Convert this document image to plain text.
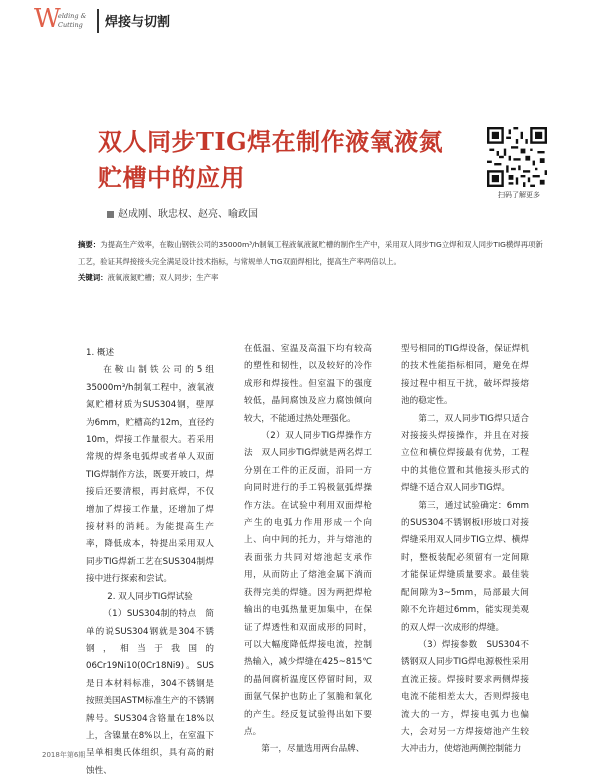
W
elding &
Cutting 焊接与切割
双人同步TIG焊在制作液氧液氮
贮槽中的应用
扫码了解更多
赵成刚、耿忠权、赵亮、喻政国
摘要：为提高生产效率，在鞍山钢铁公司的35000m³/h制氧工程液氧液氮贮槽的制作生产中，采用双人同步TIG立焊和双人同步TIG横焊再项新工艺，验证其焊接接头完全满足设计技术指标，与常规单人TIG双面焊相比，提高生产率两倍以上。
关键词：液氧液氮贮槽；双人同步；生产率
1. 概述

在鞍山制铁公司的5组35000m³/h制氧工程中，液氧液氮贮槽材质为SUS304钢，壁厚为6mm，贮槽高约12m，直径约10m，焊接工作量很大。若采用常规的焊条电弧焊或者单人双面TIG焊制作方法，既要开坡口，焊接后还要清根，再封底焊，不仅增加了焊接工作量，还增加了焊接材料的消耗。为能提高生产率，降低成本，特提出采用双人同步TIG焊新工艺在SUS304制焊接中进行探索和尝试。

2. 双人同步TIG焊试验

（1）SUS304制的特点　简单的说SUS304钢就是304不锈钢，相当于我国的06Cr19Ni10(0Cr18Ni9)。SUS是日本材料标准，304不锈钢是按照美国ASTM标准生产的不锈钢牌号。SUS304含铬量在18%以上，含镍量在8%以上，在室温下呈单相奥氏体组织，具有高的耐蚀性、

在低温、室温及高温下均有较高的塑性和韧性，以及较好的冷作成形和焊接性。但室温下的强度较低，晶间腐蚀及应力腐蚀倾向较大，不能通过热处理强化。

（2）双人同步TIG焊操作方法　双人同步TIG焊就是两名焊工分别在工件的正反面，沿同一方向同时进行的手工钨极氩弧焊操作方法。在试验中利用双面焊枪产生的电弧力作用形成一个向上、向中间的托力，并与熔池的表面张力共同对熔池起支承作用，从而防止了熔池金属下淌而获得完美的焊缝。因为两把焊枪输出的电弧热量更加集中，在保证了焊透性和双面成形的同时，可以大幅度降低焊接电流，控制热输入，减少焊缝在425~815℃的晶间腐析温度区停留时间，双面氩气保护也防止了氢脆和氧化的产生。经反复试验得出如下要点。

第一，尽量选用两台品牌、

型号相同的TIG焊设备，保证焊机的技术性能指标相同，避免在焊接过程中相互干扰，破坏焊接熔池的稳定性。

第二，双人同步TIG焊只适合对接接头焊接操作，并且在对接立位和横位焊接最有优势，工程中的其他位置和其他接头形式的焊缝不适合双人同步TIG焊。

第三，通过试验确定：6mm的SUS304不锈钢板I形坡口对接焊缝采用双人同步TIG立焊、横焊时，整板装配必须留有一定间隙才能保证焊缝质量要求。最佳装配间隙为3~5mm，局部最大间隙不允许超过6mm，能实现美观的双人焊一次成形的焊缝。

（3）焊接参数　SUS304不锈钢双人同步TIG焊电源极性采用直流正接。焊接时要求两侧焊接电流不能相差太大，否则焊接电流大的一方，焊接电弧力也偏大，会对另一方焊接熔池产生较大冲击力，使熔池两侧控制能力

2018年第6期
